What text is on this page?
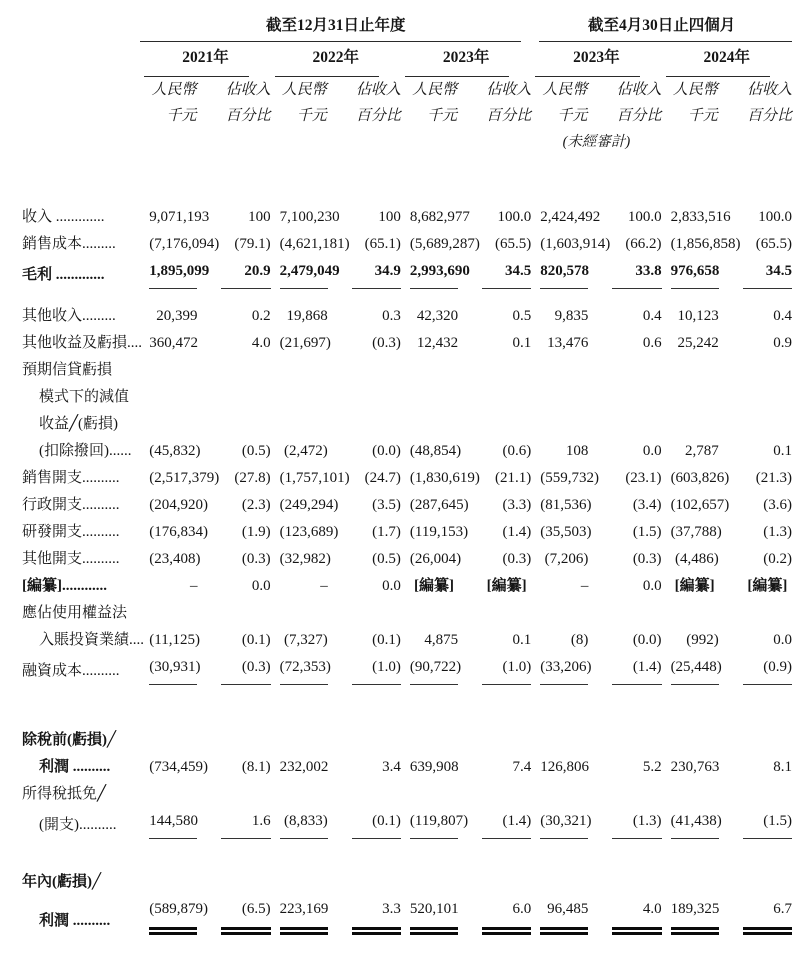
	截至12月31日止年度						截至4月30日止四個月			

	2021年		2022年		2023年		2023年		2024年	

	人民幣	佔收入	人民幣	佔收入	人民幣	佔收入	人民幣	佔收入	人民幣	佔收入
	千元	百分比	千元	百分比	千元	百分比	千元	百分比	千元	百分比
							(未經審計)			

收入 .............	9,071,193	100	7,100,230	100	8,682,977	100.0	2,424,492	100.0	2,833,516	100.0

銷售成本.........	(7,176,094)	(79.1)	(4,621,181)	(65.1)	(5,689,287)	(65.5)	(1,603,914)	(66.2)	(1,856,858)	(65.5)

毛利 .............	1,895,099	20.9	2,479,049	34.9	2,993,690	34.5	820,578	33.8	976,658	34.5

其他收入.........	20,399	0.2	19,868	0.3	42,320	0.5	9,835	0.4	10,123	0.4

其他收益及虧損....	360,472	4.0	(21,697)	(0.3)	12,432	0.1	13,476	0.6	25,242	0.9

預期信貸虧損										
模式下的減值										
收益╱(虧損)										
(扣除撥回)......	(45,832)	(0.5)	(2,472)	(0.0)	(48,854)	(0.6)	108	0.0	2,787	0.1

銷售開支..........	(2,517,379)	(27.8)	(1,757,101)	(24.7)	(1,830,619)	(21.1)	(559,732)	(23.1)	(603,826)	(21.3)

行政開支..........	(204,920)	(2.3)	(249,294)	(3.5)	(287,645)	(3.3)	(81,536)	(3.4)	(102,657)	(3.6)

研發開支..........	(176,834)	(1.9)	(123,689)	(1.7)	(119,153)	(1.4)	(35,503)	(1.5)	(37,788)	(1.3)

其他開支..........	(23,408)	(0.3)	(32,982)	(0.5)	(26,004)	(0.3)	(7,206)	(0.3)	(4,486)	(0.2)

[編纂]............	–	0.0	–	0.0	[編纂]	[編纂]	–	0.0	[編纂]	[編纂]

應佔使用權益法										
入賬投資業績....	(11,125)	(0.1)	(7,327)	(0.1)	4,875	0.1	(8)	(0.0)	(992)	0.0

融資成本..........	(30,931)	(0.3)	(72,353)	(1.0)	(90,722)	(1.0)	(33,206)	(1.4)	(25,448)	(0.9)

除稅前(虧損)╱										
利潤 ..........	(734,459)	(8.1)	232,002	3.4	639,908	7.4	126,806	5.2	230,763	8.1

所得稅抵免╱										
(開支)..........	144,580	1.6	(8,833)	(0.1)	(119,807)	(1.4)	(30,321)	(1.3)	(41,438)	(1.5)

年內(虧損)╱										
利潤 ..........	(589,879)	(6.5)	223,169	3.3	520,101	6.0	96,485	4.0	189,325	6.7
